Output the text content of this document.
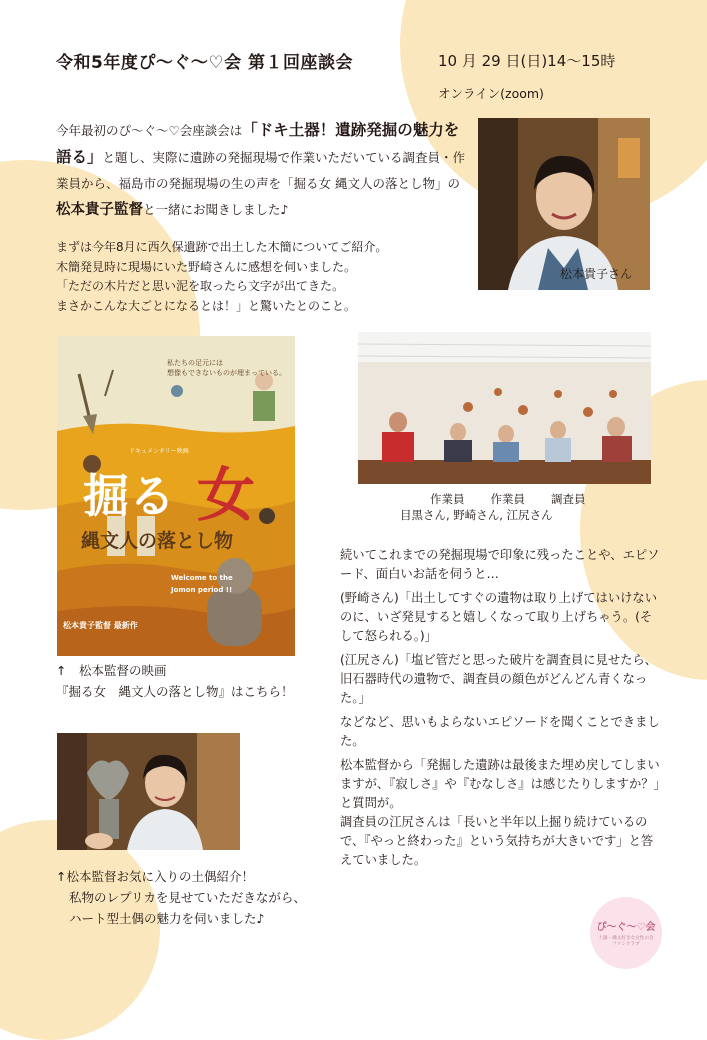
令和5年度ぴ〜ぐ〜♡会 第１回座談会	10 月 29 日(日)14〜15時
オンライン(zoom)
今年最初のぴ〜ぐ〜♡会座談会は「ドキ土器！遺跡発掘の魅力を語る」と題し、実際に遺跡の発掘現場で作業いただいている調査員・作業員から、福島市の発掘現場の生の声を「掘る女 縄文人の落とし物」の松本貴子監督と一緒にお聞きしました♪

まずは今年8月に西久保遺跡で出土した木簡についてご紹介。

木簡発見時に現場にいた野崎さんに感想を伺いました。

「ただの木片だと思い泥を取ったら文字が出てきた。

まさかこんな大ごとになるとは！」と驚いたとのこと。

松本貴子さん
作業員 作業員 調査員
目黒さん, 野崎さん, 江尻さん
私たちの足元には
想像もできないものが埋まっている。
ドキュメンタリー映画
掘る 女
縄文人の落とし物
Welcome to the
Jomon period !!
松本貴子監督 最新作
↑　松本監督の映画
『掘る女　縄文人の落とし物』はこちら！
↑松本監督お気に入りの土偶紹介！
私物のレプリカを見せていただきながら、
ハート型土偶の魅力を伺いました♪

続いてこれまでの発掘現場で印象に残ったことや、エピソード、面白いお話を伺うと…

(野崎さん)「出土してすぐの遺物は取り上げてはいけないのに、いざ発見すると嬉しくなって取り上げちゃう。(そして怒られる。)」

(江尻さん)「塩ビ管だと思った破片を調査員に見せたら、旧石器時代の遺物で、調査員の顔色がどんどん青くなった。」

などなど、思いもよらないエピソードを聞くことできました。

松本監督から「発掘した遺跡は最後また埋め戻してしまいますが、『寂しさ』や『むなしさ』は感じたりしますか？」と質問が。

調査員の江尻さんは「長いと半年以上掘り続けているので、『やっと終わった』という気持ちが大きいです」と答えていました。

ぴ〜ぐ〜♡会
土器・縄文好きな女性の会
ファンクラブ
